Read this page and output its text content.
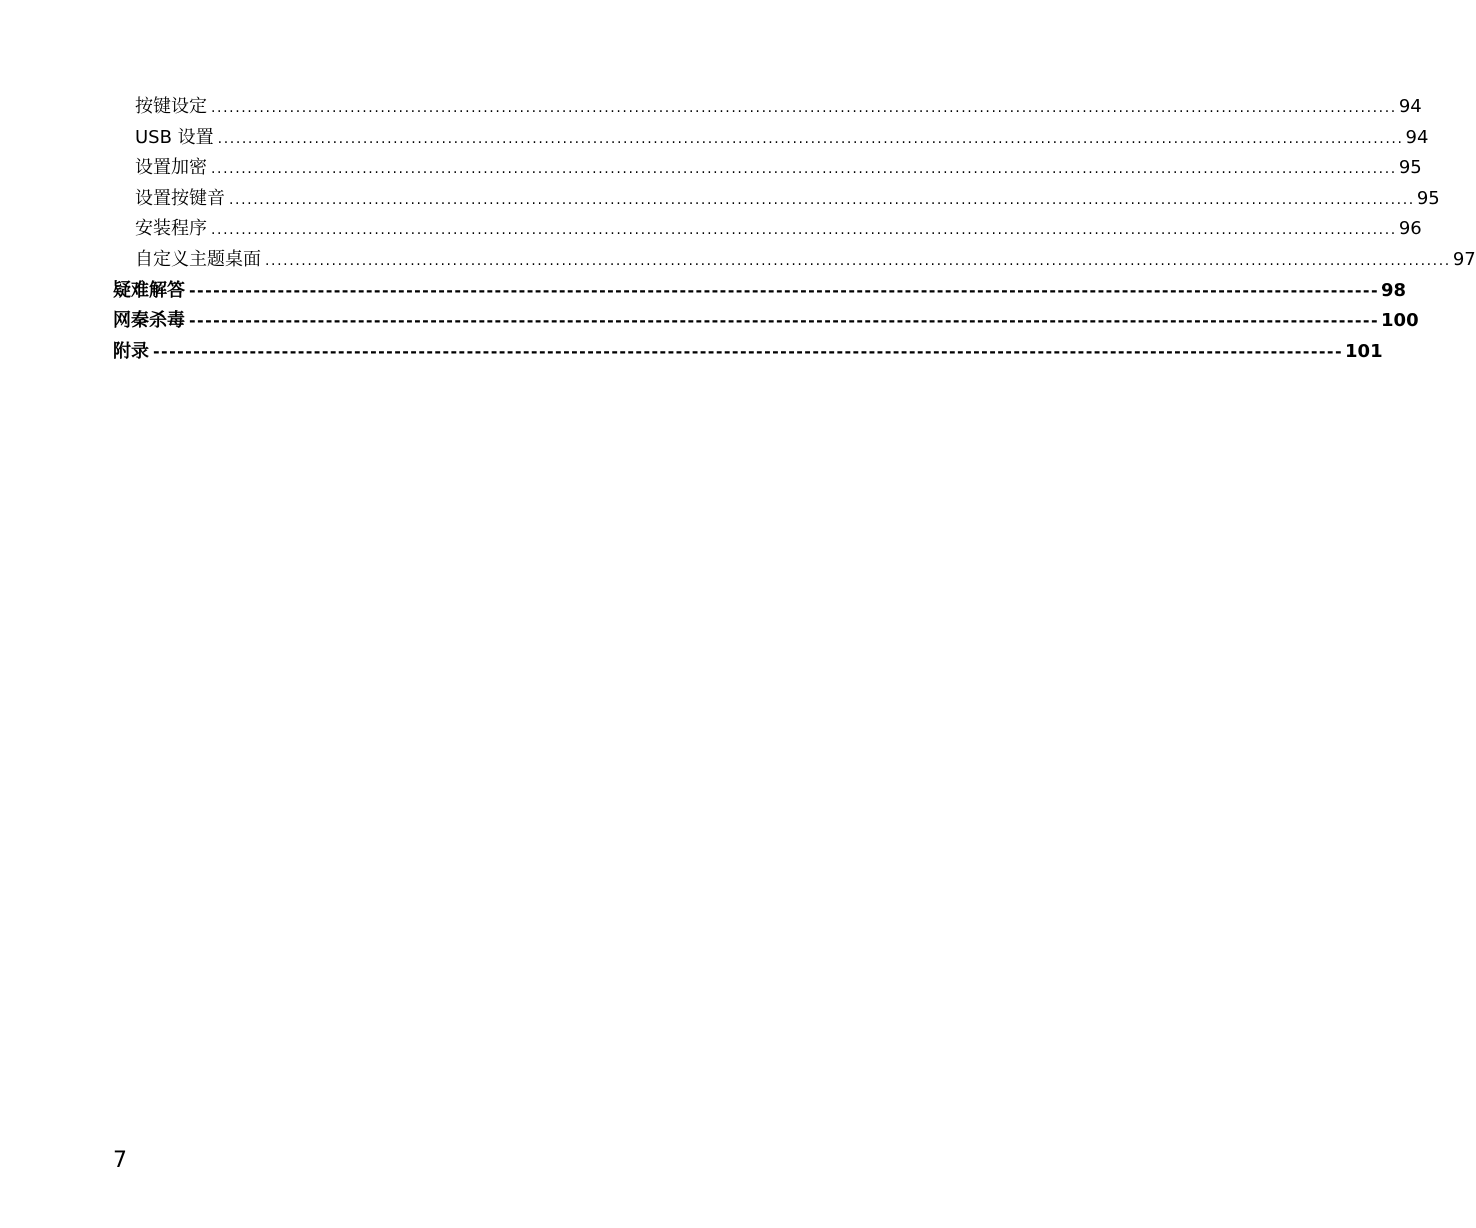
按键设定 .................................................................................................................................................................................................... 94
USB 设置 .................................................................................................................................................................................................... 94
设置加密 .................................................................................................................................................................................................... 95
设置按键音 .................................................................................................................................................................................................... 95
安装程序 .................................................................................................................................................................................................... 96
自定义主题桌面 .................................................................................................................................................................................................... 97
疑难解答 ---------------------------------------------------------------------------------------------------------------------------------------------------- 98
网秦杀毒 ---------------------------------------------------------------------------------------------------------------------------------------------------- 100
附录 ---------------------------------------------------------------------------------------------------------------------------------------------------- 101
7
